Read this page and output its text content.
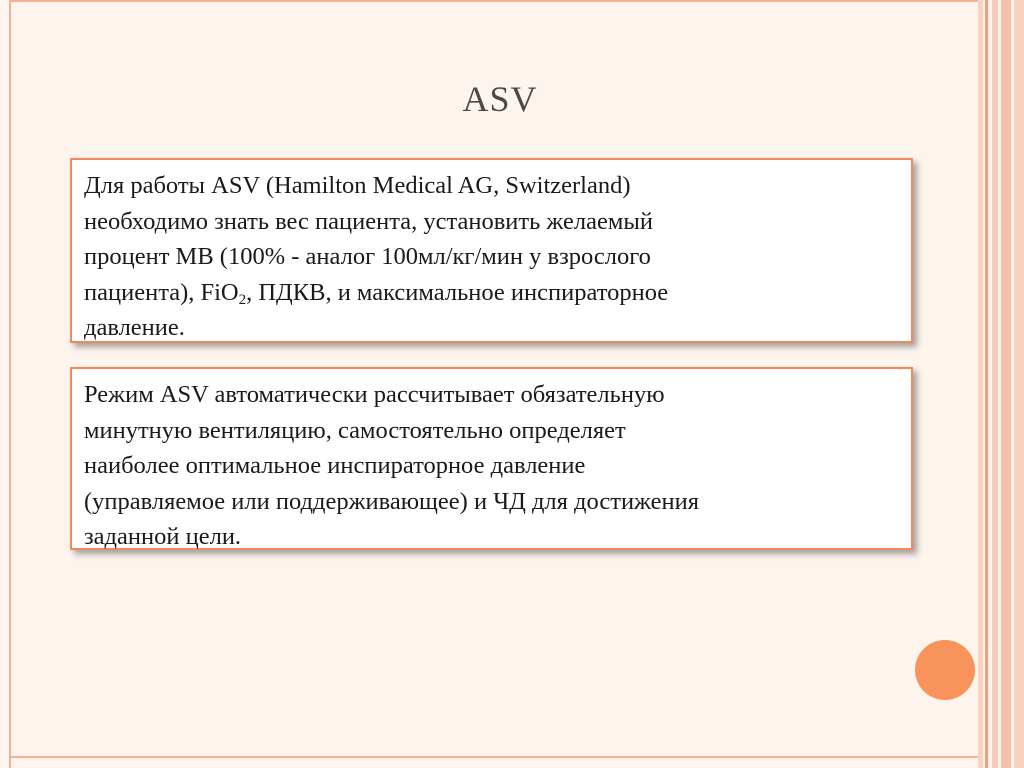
ASV
Для работы ASV (Hamilton Medical AG, Switzerland)
необходимо знать вес пациента, установить желаемый
процент МВ (100% - аналог 100мл/кг/мин у взрослого
пациента), FiO$_2$, ПДКВ, и максимальное инспираторное
давление.
Режим ASV автоматически рассчитывает обязательную
минутную вентиляцию, самостоятельно определяет
наиболее оптимальное инспираторное давление
(управляемое или поддерживающее) и ЧД для достижения
заданной цели.
